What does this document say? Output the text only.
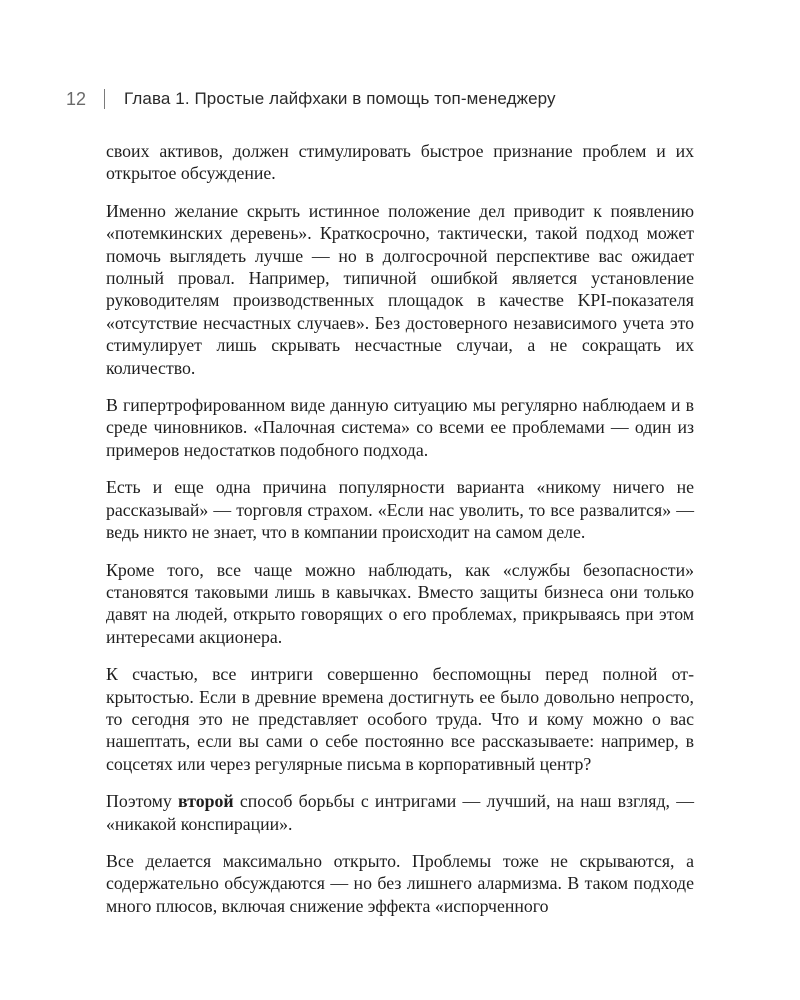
12 Глава 1. Простые лайфхаки в помощь топ-менеджеру

своих активов, должен стимулировать быстрое признание проблем и их открытое обсуждение.

Именно желание скрыть истинное положение дел приводит к появлению «потемкинских деревень». Краткосрочно, тактически, такой подход может помочь выглядеть лучше — но в долгосрочной перспективе вас ожидает полный провал. Например, типичной ошибкой является установление руководителям производственных площадок в качестве KPI-показателя «отсутствие несчастных случаев». Без достоверного независимого учета это стимулирует лишь скрывать несчастные случаи, а не сокращать их количество.

В гипертрофированном виде данную ситуацию мы регулярно наблюдаем и в среде чиновников. «Палочная система» со всеми ее проблемами — один из примеров недостатков подобного подхода.

Есть и еще одна причина популярности варианта «никому ничего не рассказывай» — торговля страхом. «Если нас уволить, то все развалится» — ведь никто не знает, что в компании происходит на самом деле.

Кроме того, все чаще можно наблюдать, как «службы безопасности» становятся таковыми лишь в кавычках. Вместо защиты бизнеса они только давят на людей, открыто говорящих о его проблемах, прикрываясь при этом интересами акционера.

К счастью, все интриги совершенно беспомощны перед полной открытостью. Если в древние времена достигнуть ее было довольно непросто, то сегодня это не представляет особого труда. Что и кому можно о вас нашептать, если вы сами о себе постоянно все рассказываете: например, в соцсетях или через регулярные письма в корпоративный центр?

Поэтому второй способ борьбы с интригами — лучший, на наш взгляд, — «никакой конспирации».

Все делается максимально открыто. Проблемы тоже не скрываются, а содержательно обсуждаются — но без лишнего алармизма. В таком подходе много плюсов, включая снижение эффекта «испорченного
